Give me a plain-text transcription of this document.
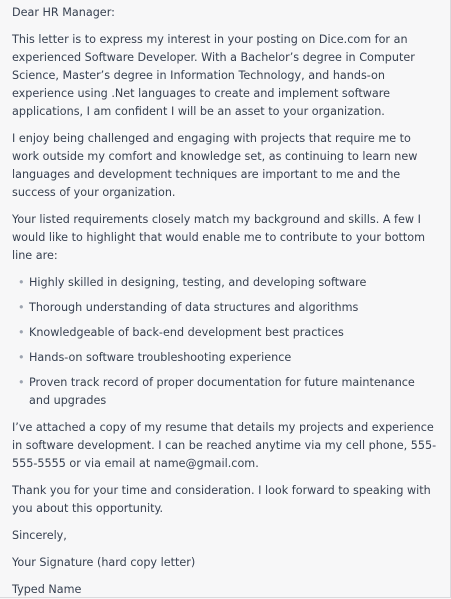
Dear HR Manager:

This letter is to express my interest in your posting on Dice.com for an experienced Software Developer. With a Bachelor’s degree in Computer Science, Master’s degree in Information Technology, and hands-on experience using .Net languages to create and implement software applications, I am confident I will be an asset to your organization.

I enjoy being challenged and engaging with projects that require me to work outside my comfort and knowledge set, as continuing to learn new languages and development techniques are important to me and the success of your organization.

Your listed requirements closely match my background and skills. A few I would like to highlight that would enable me to contribute to your bottom line are:

• Highly skilled in designing, testing, and developing software
• Thorough understanding of data structures and algorithms
• Knowledgeable of back-end development best practices
• Hands-on software troubleshooting experience
• Proven track record of proper documentation for future maintenance and upgrades

I’ve attached a copy of my resume that details my projects and experience in software development. I can be reached anytime via my cell phone, 555-555-5555 or via email at name@gmail.com.

Thank you for your time and consideration. I look forward to speaking with you about this opportunity.

Sincerely,

Your Signature (hard copy letter)

Typed Name
